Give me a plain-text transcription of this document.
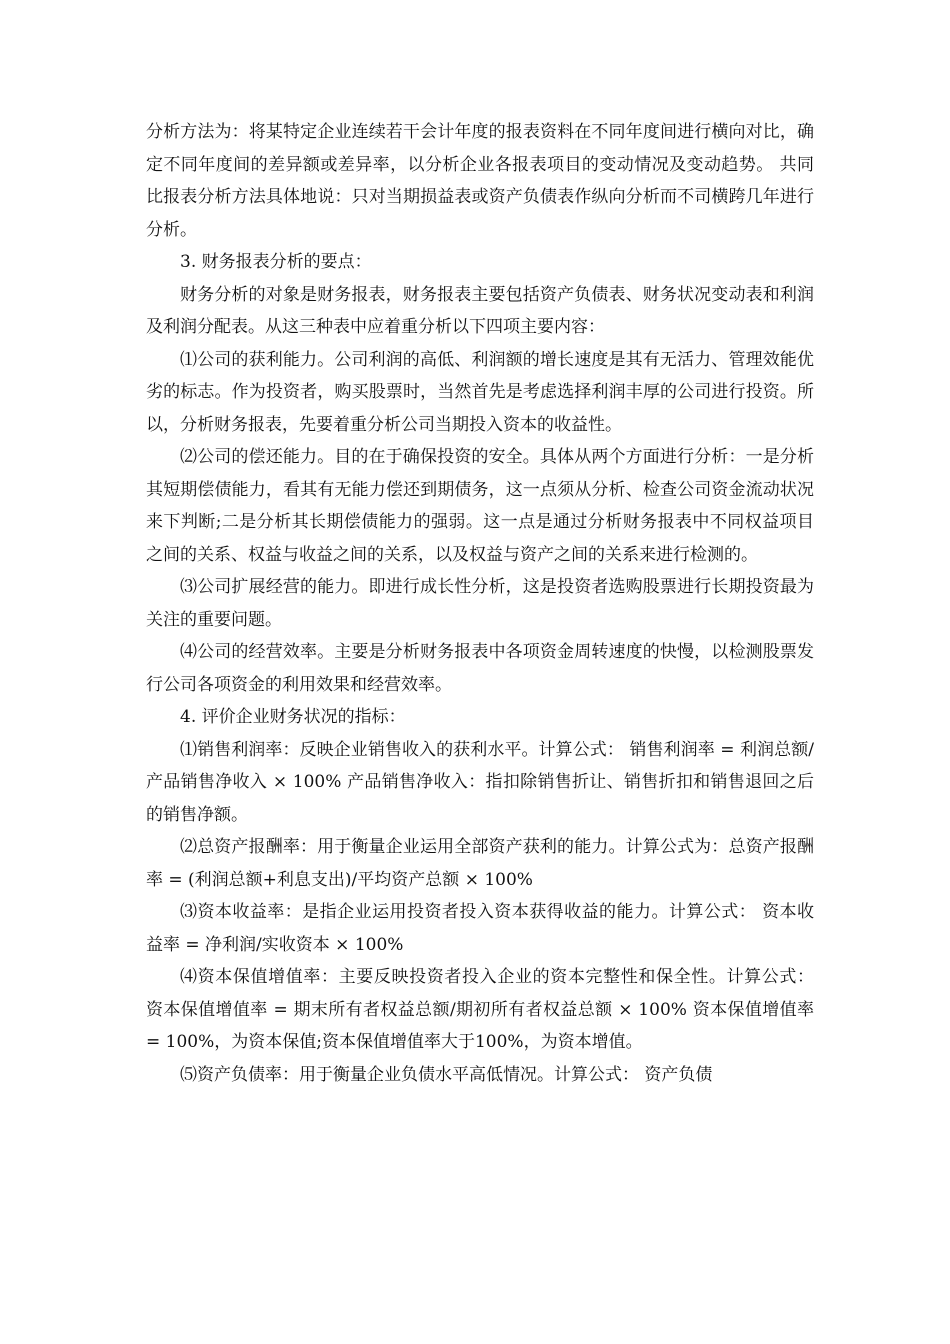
分析方法为：将某特定企业连续若干会计年度的报表资料在不同年度间进行横向对比，确定不同年度间的差异额或差异率，以分析企业各报表项目的变动情况及变动趋势。 共同比报表分析方法具体地说：只对当期损益表或资产负债表作纵向分析而不司横跨几年进行分析。

3. 财务报表分析的要点：

财务分析的对象是财务报表，财务报表主要包括资产负债表、财务状况变动表和利润及利润分配表。从这三种表中应着重分析以下四项主要内容：

⑴公司的获利能力。公司利润的高低、利润额的增长速度是其有无活力、管理效能优劣的标志。作为投资者，购买股票时，当然首先是考虑选择利润丰厚的公司进行投资。所以，分析财务报表，先要着重分析公司当期投入资本的收益性。

⑵公司的偿还能力。目的在于确保投资的安全。具体从两个方面进行分析：一是分析其短期偿债能力，看其有无能力偿还到期债务，这一点须从分析、检查公司资金流动状况来下判断;二是分析其长期偿债能力的强弱。这一点是通过分析财务报表中不同权益项目之间的关系、权益与收益之间的关系，以及权益与资产之间的关系来进行检测的。

⑶公司扩展经营的能力。即进行成长性分析，这是投资者选购股票进行长期投资最为关注的重要问题。

⑷公司的经营效率。主要是分析财务报表中各项资金周转速度的快慢，以检测股票发行公司各项资金的利用效果和经营效率。

4. 评价企业财务状况的指标：

⑴销售利润率：反映企业销售收入的获利水平。计算公式： 销售利润率 = 利润总额/产品销售净收入 × 100% 产品销售净收入：指扣除销售折让、销售折扣和销售退回之后的销售净额。

⑵总资产报酬率：用于衡量企业运用全部资产获利的能力。计算公式为：总资产报酬率 = (利润总额+利息支出)/平均资产总额 × 100%

⑶资本收益率：是指企业运用投资者投入资本获得收益的能力。计算公式： 资本收益率 = 净利润/实收资本 × 100%

⑷资本保值增值率：主要反映投资者投入企业的资本完整性和保全性。计算公式： 资本保值增值率 = 期末所有者权益总额/期初所有者权益总额 × 100% 资本保值增值率 = 100%，为资本保值;资本保值增值率大于100%，为资本增值。

⑸资产负债率：用于衡量企业负债水平高低情况。计算公式： 资产负债
